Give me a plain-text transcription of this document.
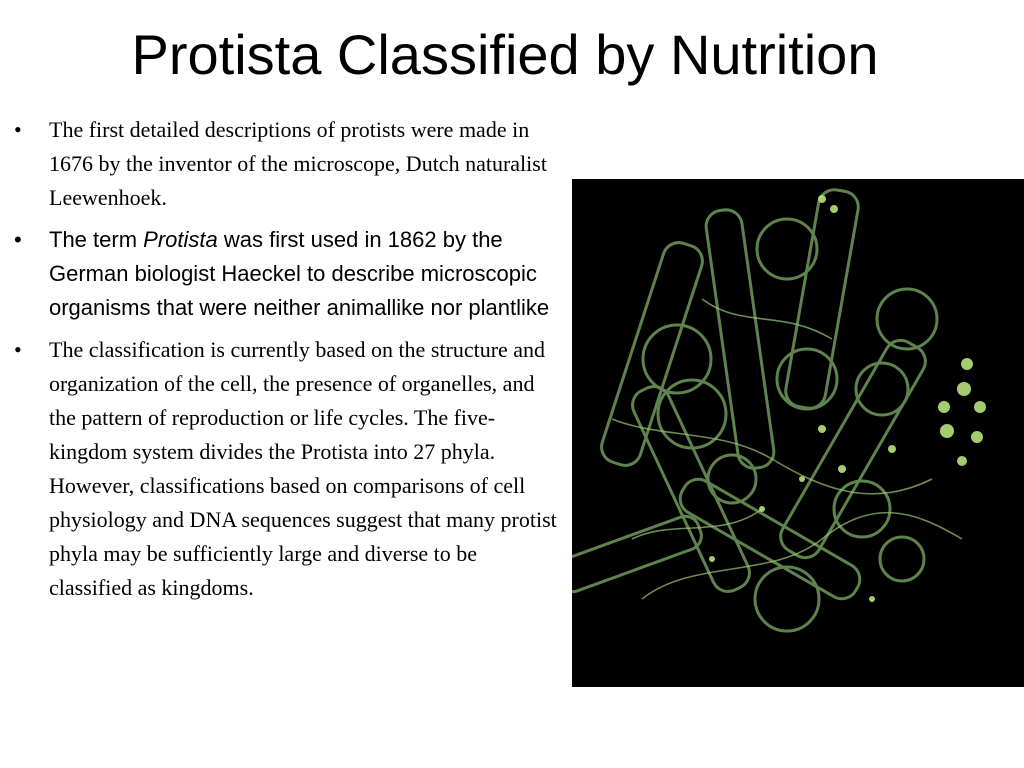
Protista Classified by Nutrition
• The first detailed descriptions of protists were made in 1676 by the inventor of the microscope, Dutch naturalist Leewenhoek.
• The term Protista was first used in 1862 by the German biologist Haeckel to describe microscopic organisms that were neither animallike nor plantlike
• The classification is currently based on the structure and organization of the cell, the presence of organelles, and the pattern of reproduction or life cycles. The five-kingdom system divides the Protista into 27 phyla. However, classifications based on comparisons of cell physiology and DNA sequences suggest that many protist phyla may be sufficiently large and diverse to be classified as kingdoms.
